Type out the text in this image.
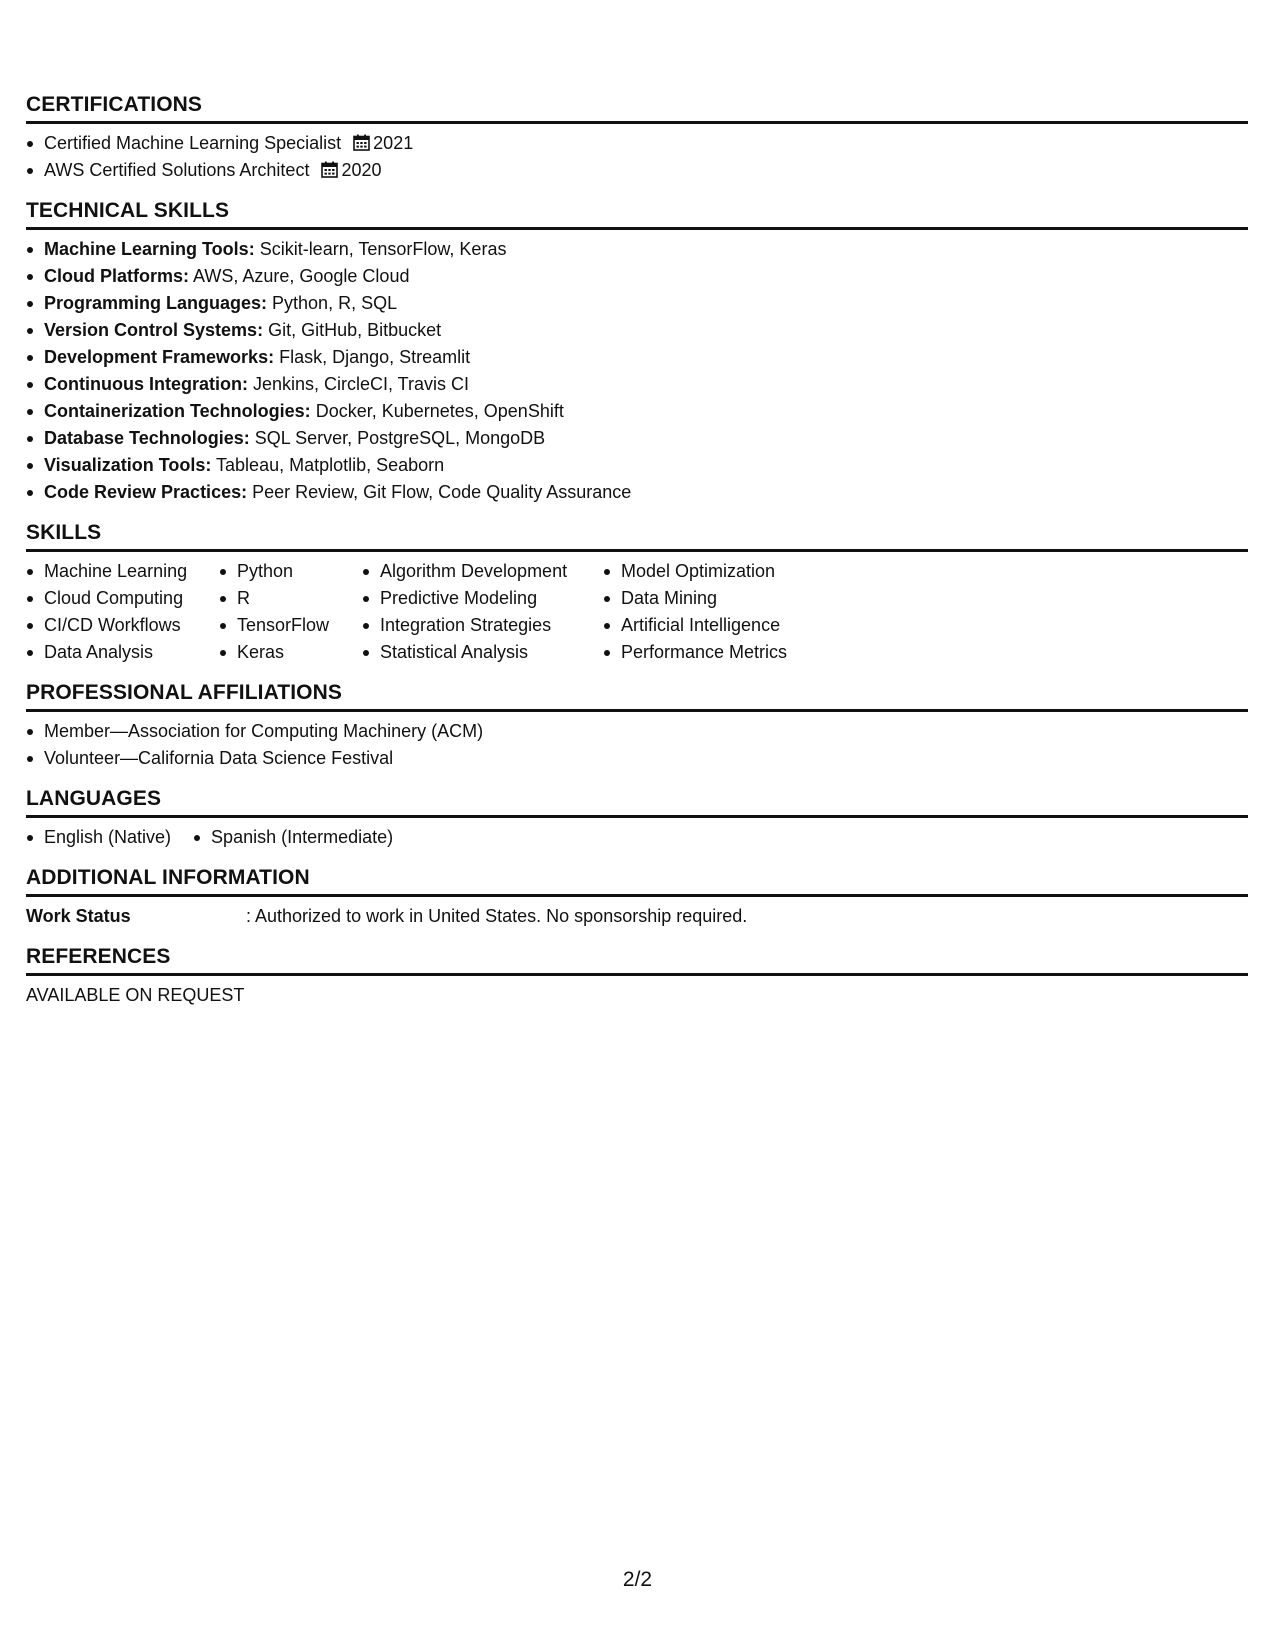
CERTIFICATIONS
Certified Machine Learning Specialist 2021
AWS Certified Solutions Architect 2020
TECHNICAL SKILLS
Machine Learning Tools: Scikit-learn, TensorFlow, Keras
Cloud Platforms: AWS, Azure, Google Cloud
Programming Languages: Python, R, SQL
Version Control Systems: Git, GitHub, Bitbucket
Development Frameworks: Flask, Django, Streamlit
Continuous Integration: Jenkins, CircleCI, Travis CI
Containerization Technologies: Docker, Kubernetes, OpenShift
Database Technologies: SQL Server, PostgreSQL, MongoDB
Visualization Tools: Tableau, Matplotlib, Seaborn
Code Review Practices: Peer Review, Git Flow, Code Quality Assurance
SKILLS
Machine Learning
Cloud Computing
CI/CD Workflows
Data Analysis
Python
R
TensorFlow
Keras
Algorithm Development
Predictive Modeling
Integration Strategies
Statistical Analysis
Model Optimization
Data Mining
Artificial Intelligence
Performance Metrics
PROFESSIONAL AFFILIATIONS
Member—Association for Computing Machinery (ACM)
Volunteer—California Data Science Festival
LANGUAGES
English (Native)	Spanish (Intermediate)
ADDITIONAL INFORMATION
Work Status	: Authorized to work in United States. No sponsorship required.
REFERENCES
AVAILABLE ON REQUEST
2/2
